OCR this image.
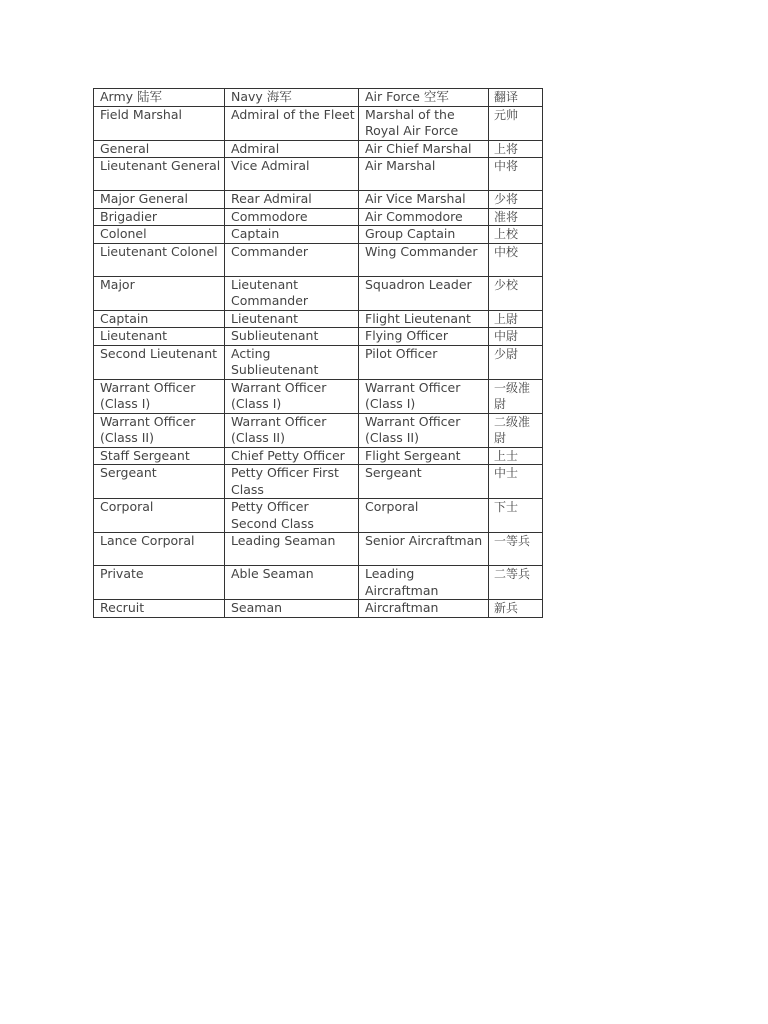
Army 陆军	Navy 海军	Air Force 空军	翻译
Field Marshal	Admiral of the Fleet	Marshal of the Royal Air Force	元帅
General	Admiral	Air Chief Marshal	上将
Lieutenant General	Vice Admiral	Air Marshal	中将
Major General	Rear Admiral	Air Vice Marshal	少将
Brigadier	Commodore	Air Commodore	准将
Colonel	Captain	Group Captain	上校
Lieutenant Colonel	Commander	Wing Commander	中校
Major	Lieutenant Commander	Squadron Leader	少校
Captain	Lieutenant	Flight Lieutenant	上尉
Lieutenant	Sublieutenant	Flying Officer	中尉
Second Lieutenant	Acting Sublieutenant	Pilot Officer	少尉
Warrant Officer (Class I)	Warrant Officer (Class I)	Warrant Officer (Class I)	一级准尉
Warrant Officer (Class II)	Warrant Officer (Class II)	Warrant Officer (Class II)	二级准尉
Staff Sergeant	Chief Petty Officer	Flight Sergeant	上士
Sergeant	Petty Officer First Class	Sergeant	中士
Corporal	Petty Officer Second Class	Corporal	下士
Lance Corporal	Leading Seaman	Senior Aircraftman	一等兵
Private	Able Seaman	Leading Aircraftman	二等兵
Recruit	Seaman	Aircraftman	新兵
